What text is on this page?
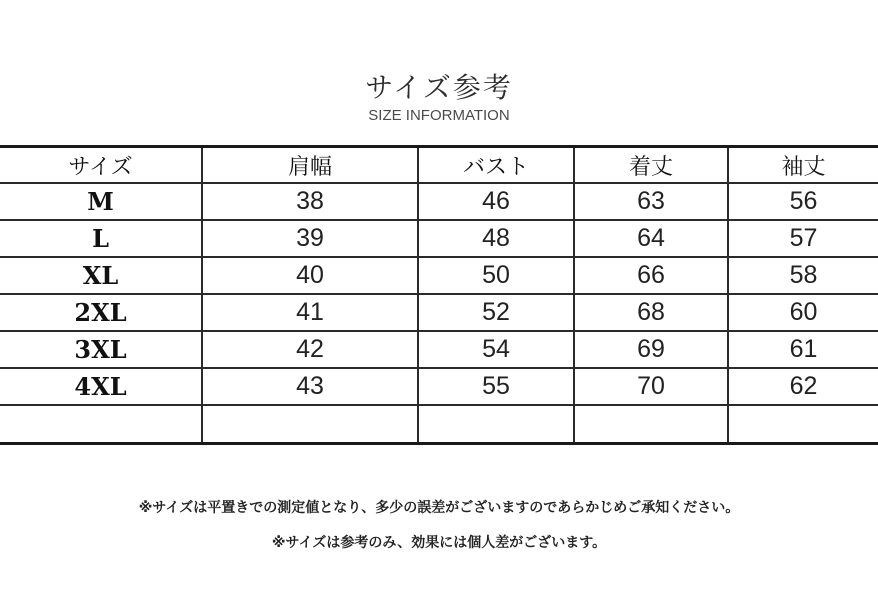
サイズ参考
SIZE INFORMATION
サイズ	肩幅	バスト	着丈	袖丈
M	38	46	63	56
L	39	48	64	57
XL	40	50	66	58
2XL	41	52	68	60
3XL	42	54	69	61
4XL	43	55	70	62

※サイズは平置きでの測定値となり、多少の誤差がございますのであらかじめご承知ください。
※サイズは参考のみ、効果には個人差がございます。
